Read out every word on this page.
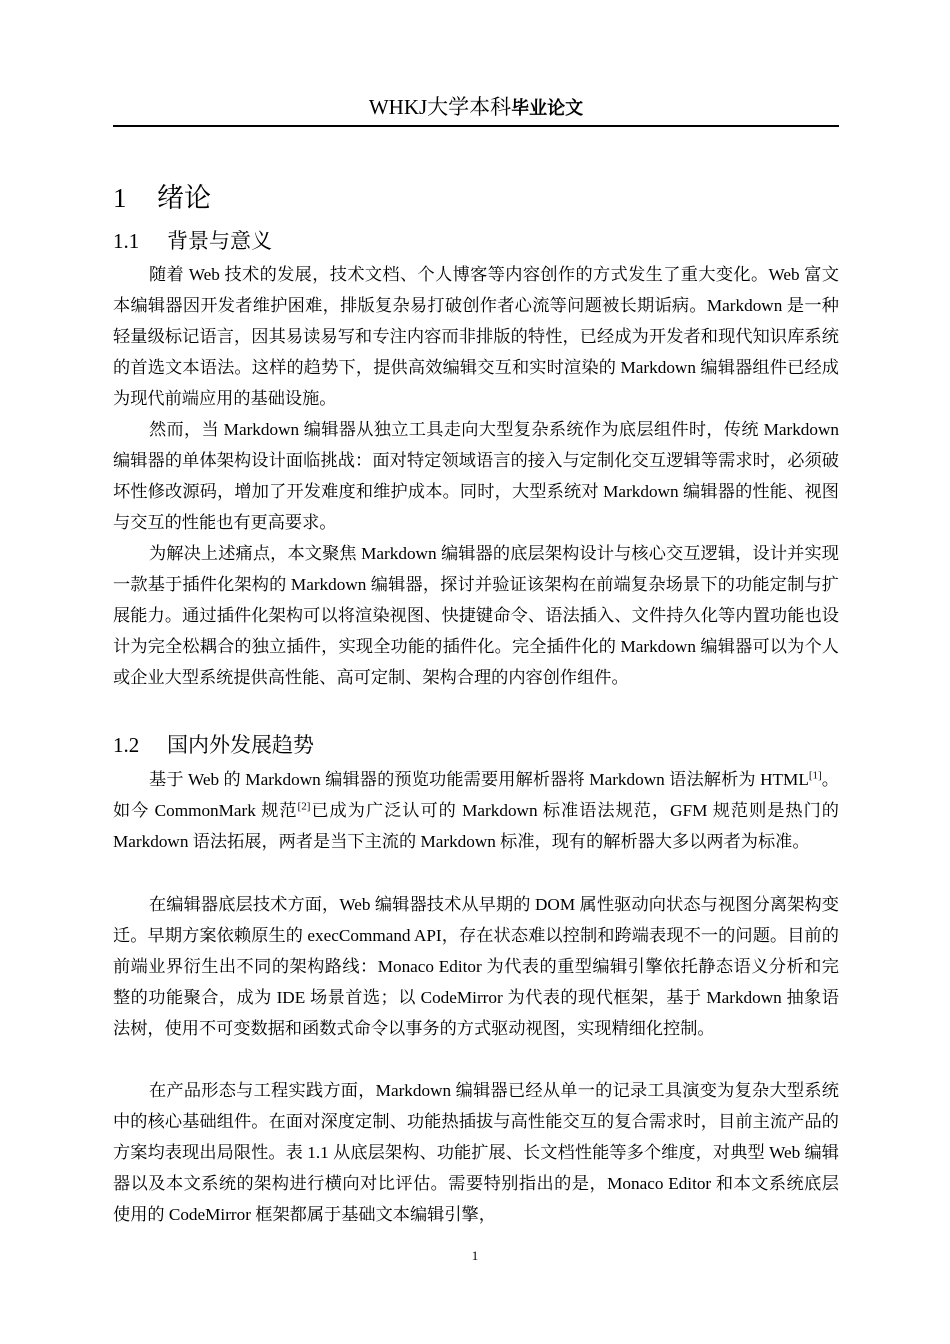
WHKJ大学本科毕业论文
1 绪论
1.1 背景与意义

随着 Web 技术的发展，技术文档、个人博客等内容创作的方式发生了重大变化。Web 富文本编辑器因开发者维护困难，排版复杂易打破创作者心流等问题被长期诟病。Markdown 是一种轻量级标记语言，因其易读易写和专注内容而非排版的特性，已经成为开发者和现代知识库系统的首选文本语法。这样的趋势下，提供高效编辑交互和实时渲染的 Markdown 编辑器组件已经成为现代前端应用的基础设施。

然而，当 Markdown 编辑器从独立工具走向大型复杂系统作为底层组件时，传统 Markdown 编辑器的单体架构设计面临挑战：面对特定领域语言的接入与定制化交互逻辑等需求时，必须破坏性修改源码，增加了开发难度和维护成本。同时，大型系统对 Markdown 编辑器的性能、视图与交互的性能也有更高要求。

为解决上述痛点，本文聚焦 Markdown 编辑器的底层架构设计与核心交互逻辑，设计并实现一款基于插件化架构的 Markdown 编辑器，探讨并验证该架构在前端复杂场景下的功能定制与扩展能力。通过插件化架构可以将渲染视图、快捷键命令、语法插入、文件持久化等内置功能也设计为完全松耦合的独立插件，实现全功能的插件化。完全插件化的 Markdown 编辑器可以为个人或企业大型系统提供高性能、高可定制、架构合理的内容创作组件。

1.2 国内外发展趋势

基于 Web 的 Markdown 编辑器的预览功能需要用解析器将 Markdown 语法解析为 HTML[1]。如今 CommonMark 规范[2]已成为广泛认可的 Markdown 标准语法规范，GFM 规范则是热门的 Markdown 语法拓展，两者是当下主流的 Markdown 标准，现有的解析器大多以两者为标准。

在编辑器底层技术方面，Web 编辑器技术从早期的 DOM 属性驱动向状态与视图分离架构变迁。早期方案依赖原生的 execCommand API，存在状态难以控制和跨端表现不一的问题。目前的前端业界衍生出不同的架构路线：Monaco Editor 为代表的重型编辑引擎依托静态语义分析和完整的功能聚合，成为 IDE 场景首选；以 CodeMirror 为代表的现代框架，基于 Markdown 抽象语法树，使用不可变数据和函数式命令以事务的方式驱动视图，实现精细化控制。

在产品形态与工程实践方面，Markdown 编辑器已经从单一的记录工具演变为复杂大型系统中的核心基础组件。在面对深度定制、功能热插拔与高性能交互的复合需求时，目前主流产品的方案均表现出局限性。表 1.1 从底层架构、功能扩展、长文档性能等多个维度，对典型 Web 编辑器以及本文系统的架构进行横向对比评估。需要特别指出的是，Monaco Editor 和本文系统底层使用的 CodeMirror 框架都属于基础文本编辑引擎，

1
